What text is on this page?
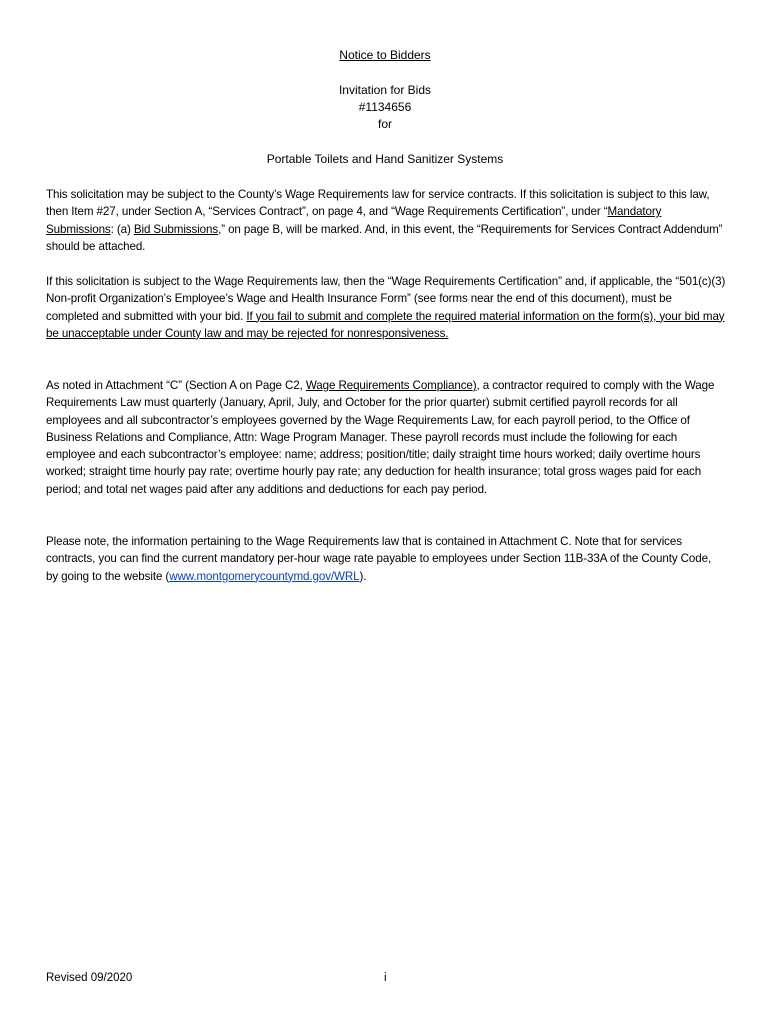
Notice to Bidders
Invitation for Bids
#1134656
for
Portable Toilets and Hand Sanitizer Systems
This solicitation may be subject to the County’s Wage Requirements law for service contracts. If this solicitation is subject to this law, then Item #27, under Section A, “Services Contract”, on page 4, and “Wage Requirements Certification”, under “Mandatory Submissions: (a) Bid Submissions,” on page B, will be marked. And, in this event, the “Requirements for Services Contract Addendum” should be attached.
If this solicitation is subject to the Wage Requirements law, then the “Wage Requirements Certification” and, if applicable, the “501(c)(3) Non-profit Organization’s Employee’s Wage and Health Insurance Form” (see forms near the end of this document), must be completed and submitted with your bid. If you fail to submit and complete the required material information on the form(s), your bid may be unacceptable under County law and may be rejected for nonresponsiveness.
As noted in Attachment “C” (Section A on Page C2, Wage Requirements Compliance), a contractor required to comply with the Wage Requirements Law must quarterly (January, April, July, and October for the prior quarter) submit certified payroll records for all employees and all subcontractor’s employees governed by the Wage Requirements Law, for each payroll period, to the Office of Business Relations and Compliance, Attn: Wage Program Manager. These payroll records must include the following for each employee and each subcontractor’s employee: name; address; position/title; daily straight time hours worked; daily overtime hours worked; straight time hourly pay rate; overtime hourly pay rate; any deduction for health insurance; total gross wages paid for each period; and total net wages paid after any additions and deductions for each pay period.
Please note, the information pertaining to the Wage Requirements law that is contained in Attachment C. Note that for services contracts, you can find the current mandatory per-hour wage rate payable to employees under Section 11B-33A of the County Code, by going to the website (www.montgomerycountymd.gov/WRL).
Revised 09/2020	i
